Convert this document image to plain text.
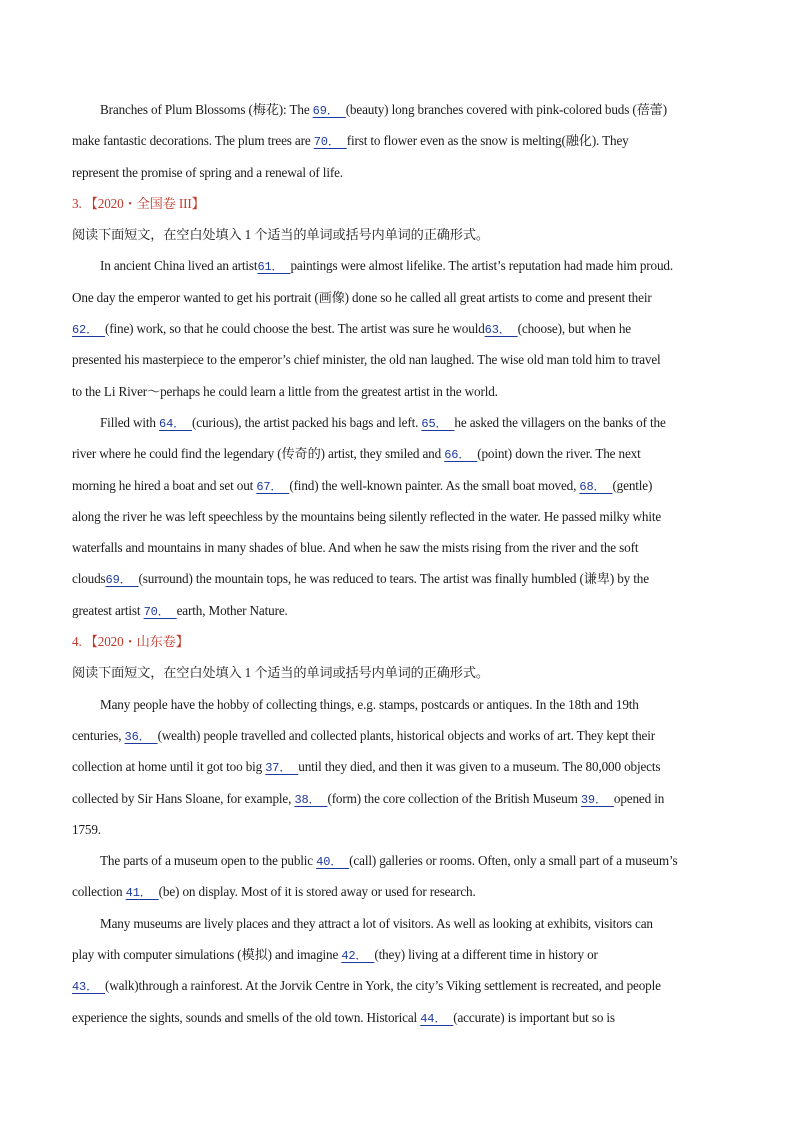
Branches of Plum Blossoms (梅花): The 69． (beauty) long branches covered with pink-colored buds (蓓蕾)
make fantastic decorations. The plum trees are 70． first to flower even as the snow is melting(融化). They
represent the promise of spring and a renewal of life.
3. 【2020・全国卷 III】
阅读下面短文，在空白处填入 1 个适当的单词或括号内单词的正确形式。
In ancient China lived an artist61． paintings were almost lifelike. The artist’s reputation had made him proud.
One day the emperor wanted to get his portrait (画像) done so he called all great artists to come and present their
62． (fine) work, so that he could choose the best. The artist was sure he would63． (choose), but when he
presented his masterpiece to the emperor’s chief minister, the old nan laughed. The wise old man told him to travel
to the Li River～perhaps he could learn a little from the greatest artist in the world.
Filled with 64． (curious), the artist packed his bags and left. 65． he asked the villagers on the banks of the
river where he could find the legendary (传奇的) artist, they smiled and 66． (point) down the river. The next
morning he hired a boat and set out 67． (find) the well-known painter. As the small boat moved, 68． (gentle)
along the river he was left speechless by the mountains being silently reflected in the water. He passed milky white
waterfalls and mountains in many shades of blue. And when he saw the mists rising from the river and the soft
clouds69． (surround) the mountain tops, he was reduced to tears. The artist was finally humbled (谦卑) by the
greatest artist 70． earth, Mother Nature.
4. 【2020・山东卷】
阅读下面短文，在空白处填入 1 个适当的单词或括号内单词的正确形式。
Many people have the hobby of collecting things, e.g. stamps, postcards or antiques. In the 18th and 19th
centuries, 36． (wealth) people travelled and collected plants, historical objects and works of art. They kept their
collection at home until it got too big 37． until they died, and then it was given to a museum. The 80,000 objects
collected by Sir Hans Sloane, for example, 38． (form) the core collection of the British Museum 39． opened in
1759.
The parts of a museum open to the public 40． (call) galleries or rooms. Often, only a small part of a museum’s
collection 41． (be) on display. Most of it is stored away or used for research.
Many museums are lively places and they attract a lot of visitors. As well as looking at exhibits, visitors can
play with computer simulations (模拟) and imagine 42． (they) living at a different time in history or
43． (walk)through a rainforest. At the Jorvik Centre in York, the city’s Viking settlement is recreated, and people
experience the sights, sounds and smells of the old town. Historical 44． (accurate) is important but so is
